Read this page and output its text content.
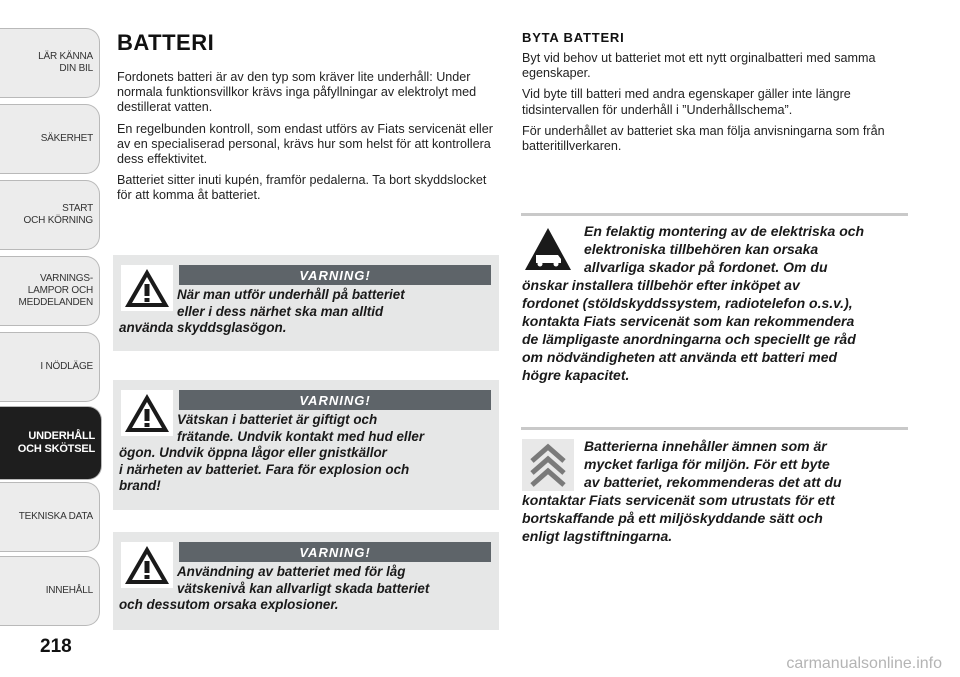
LÄR KÄNNA
DIN BIL
SÄKERHET
START
OCH KÖRNING
VARNINGS-
LAMPOR OCH
MEDDELANDEN
I NÖDLÄGE
UNDERHÅLL
OCH SKÖTSEL
TEKNISKA DATA
INNEHÅLL
218
BATTERI

Fordonets batteri är av den typ som kräver lite underhåll: Under normala funktionsvillkor krävs inga påfyllningar av elektrolyt med destillerat vatten.

En regelbunden kontroll, som endast utförs av Fiats servicenät eller av en specialiserad personal, krävs hur som helst för att kontrollera dess effektivitet.

Batteriet sitter inuti kupén, framför pedalerna. Ta bort skyddslocket för att komma åt batteriet.

VARNING!
När man utför underhåll på batteriet
eller i dess närhet ska man alltid
använda skyddsglasögon.
VARNING!
Vätskan i batteriet är giftigt och
frätande. Undvik kontakt med hud eller
ögon. Undvik öppna lågor eller gnistkällor
i närheten av batteriet. Fara för explosion och
brand!
VARNING!
Användning av batteriet med för låg
vätskenivå kan allvarligt skada batteriet
och dessutom orsaka explosioner.
BYTA BATTERI

Byt vid behov ut batteriet mot ett nytt orginalbatteri med samma egenskaper.

Vid byte till batteri med andra egenskaper gäller inte längre tidsintervallen för underhåll i ”Underhållschema”.

För underhållet av batteriet ska man följa anvisningarna som från batteritillverkaren.

En felaktig montering av de elektriska och
elektroniska tillbehören kan orsaka
allvarliga skador på fordonet. Om du
önskar installera tillbehör efter inköpet av
fordonet (stöldskyddssystem, radiotelefon o.s.v.),
kontakta Fiats servicenät som kan rekommendera
de lämpligaste anordningarna och speciellt ge råd
om nödvändigheten att använda ett batteri med
högre kapacitet.
Batterierna innehåller ämnen som är
mycket farliga för miljön. För ett byte
av batteriet, rekommenderas det att du
kontaktar Fiats servicenät som utrustats för ett
bortskaffande på ett miljöskyddande sätt och
enligt lagstiftningarna.
carmanualsonline.info
